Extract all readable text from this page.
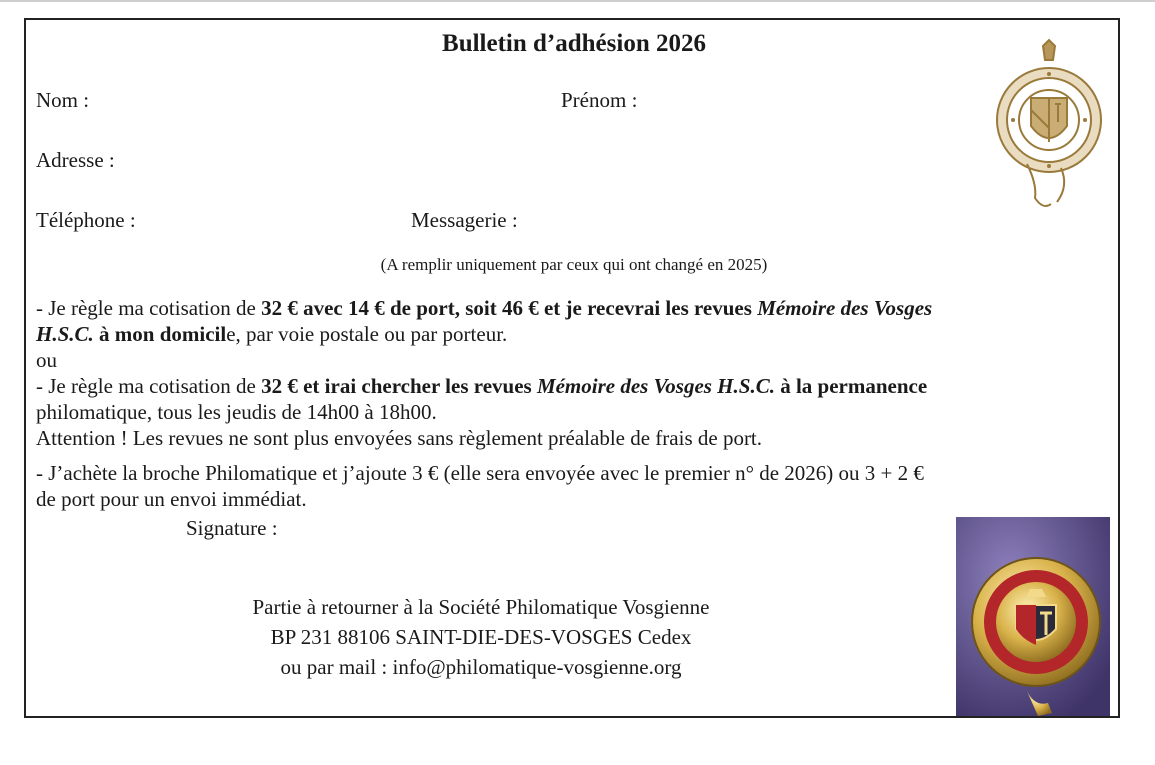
Bulletin d’adhésion 2026
Nom :	Prénom :
Adresse :
Téléphone :	Messagerie :
(A remplir uniquement par ceux qui ont changé en 2025)
- Je règle ma cotisation de 32 € avec 14 € de port, soit 46 € et je recevrai les revues Mémoire des Vosges
H.S.C. à mon domicile, par voie postale ou par porteur.
ou
- Je règle ma cotisation de 32 € et irai chercher les revues Mémoire des Vosges H.S.C. à la permanence
philomatique, tous les jeudis de 14h00 à 18h00.
Attention ! Les revues ne sont plus envoyées sans règlement préalable de frais de port.
- J’achète la broche Philomatique et j’ajoute 3 € (elle sera envoyée avec le premier n° de 2026) ou 3 + 2 €
de port pour un envoi immédiat.
Signature :
Partie à retourner à la Société Philomatique Vosgienne
BP 231 88106 SAINT-DIE-DES-VOSGES Cedex
ou par mail : info@philomatique-vosgienne.org
